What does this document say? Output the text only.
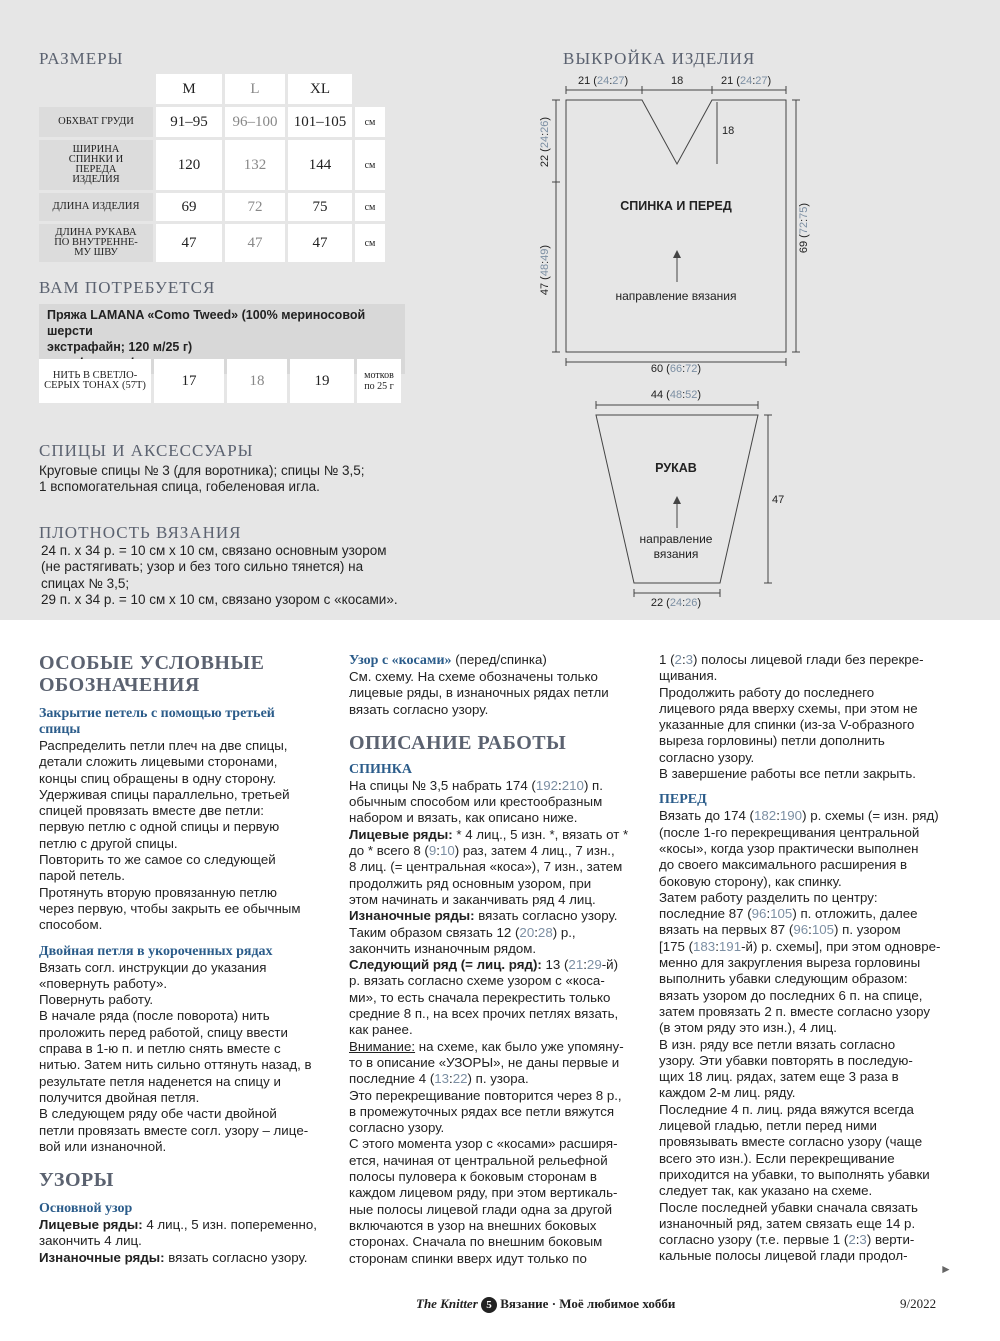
РАЗМЕРЫ
	M	L	XL	
ОБХВАТ ГРУДИ	91–95	96–100	101–105	см

ШИРИНА
СПИНКИ И
ПЕРЕДА
ИЗДЕЛИЯ	120	132	144	см
ДЛИНА ИЗДЕЛИЯ	69	72	75	см

ДЛИНА РУКАВА
ПО ВНУТРЕННЕ-
МУ ШВУ	47	47	47	см
ВАМ ПОТРЕБУЕТСЯ
Пряжа LAMANA «Como Tweed» (100% мериносовой шерсти
экстрафайн; 120 м/25 г)
НИТЬ В СВЕТЛО-
СЕРЫХ ТОНАХ (57T)	17	18	19	мотков
по 25 г
СПИЦЫ И АКСЕССУАРЫ
Круговые спицы № 3 (для воротника); спицы № 3,5;
1 вспомогательная спица, гобеленовая игла.
ПЛОТНОСТЬ ВЯЗАНИЯ
24 п. х 34 р. = 10 см х 10 см, связано основным узором
(не растягивать; узор и без того сильно тянется) на
спицах № 3,5;
29 п. х 34 р. = 10 см х 10 см, связано узором с «косами».
ВЫКРОЙКА ИЗДЕЛИЯ
21 (24:27)	18	21 (24:27)
18
22 (24:26)
47 (48:49)	69 (72:75)
СПИНКА И ПЕРЕД
направление вязания
60 (66:72)
44 (48:52)
РУКАВ
47
направление
вязания
22 (24:26)
ОСОБЫЕ УСЛОВНЫЕ
ОБОЗНАЧЕНИЯ
Закрытие петель с помощью третьей
спицы
Распределить петли плеч на две спицы,
детали сложить лицевыми сторонами,
концы спиц обращены в одну сторону.
Удерживая спицы параллельно, третьей
спицей провязать вместе две петли:
первую петлю с одной спицы и первую
петлю с другой спицы.
Повторить то же самое со следующей
парой петель.
Протянуть вторую провязанную петлю
через первую, чтобы закрыть ее обычным
способом.
Двойная петля в укороченных рядах
Вязать согл. инструкции до указания
«повернуть работу».
Повернуть работу.
В начале ряда (после поворота) нить
проложить перед работой, спицу ввести
справа в 1-ю п. и петлю снять вместе с
нитью. Затем нить сильно оттянуть назад, в
результате петля наденется на спицу и
получится двойная петля.
В следующем ряду обе части двойной
петли провязать вместе согл. узору – лицe-
вой или изнаночной.
УЗОРЫ
Основной узор
Лицевые ряды: 4 лиц., 5 изн. попеременно,
закончить 4 лиц.
Изнаночные ряды: вязать согласно узору.
Узор с «косами» (перед/спинка)
См. схему. На схеме обозначены только
лицевые ряды, в изнаночных рядах петли
вязать согласно узору.
ОПИСАНИЕ РАБОТЫ
СПИНКА
На спицы № 3,5 набрать 174 (192:210) п.
обычным способом или крестообразным
набором и вязать, как описано ниже.
Лицевые ряды: * 4 лиц., 5 изн. *, вязать от *
до * всего 8 (9:10) раз, затем 4 лиц., 7 изн.,
8 лиц. (= центральная «коса»), 7 изн., затем
продолжить ряд основным узором, при
этом начинать и заканчивать ряд 4 лиц.
Изнаночные ряды: вязать согласно узору.
Таким образом связать 12 (20:28) р.,
закончить изнаночным рядом.
Следующий ряд (= лиц. ряд): 13 (21:29-й)
р. вязать согласно схеме узором с «коса-
ми», то есть сначала перекрестить только
средние 8 п., на всех прочих петлях вязать,
как ранее.
Внимание: на схеме, как было уже упомяну-
то в описание «УЗОРЫ», не даны первые и
последние 4 (13:22) п. узора.
Это перекрещивание повторится через 8 р.,
в промежуточных рядах все петли вяжутся
согласно узору.
С этого момента узор с «косами» расширя-
ется, начиная от центральной рельефной
полосы пуловера к боковым сторонам в
каждом лицевом ряду, при этом вертикаль-
ные полосы лицевой глади одна за другой
включаются в узор на внешних боковых
сторонах. Сначала по внешним боковым
сторонам спинки вверх идут только по
1 (2:3) полосы лицевой глади без перекре-
щивания.
Продолжить работу до последнего
лицевого ряда вверху схемы, при этом не
указанные для спинки (из-за V-образного
выреза горловины) петли дополнить
согласно узору.
В завершение работы все петли закрыть.
ПЕРЕД
Вязать до 174 (182:190) р. схемы (= изн. ряд)
(после 1-го перекрещивания центральной
«косы», когда узор практически выполнен
до своего максимального расширения в
боковую сторону), как спинку.
Затем работу разделить по центру:
последние 87 (96:105) п. отложить, далее
вязать на первых 87 (96:105) п. узором
[175 (183:191-й) р. схемы], при этом одновре-
менно для закругления выреза горловины
выполнить убавки следующим образом:
вязать узором до последних 6 п. на спице,
затем провязать 2 п. вместе согласно узору
(в этом ряду это изн.), 4 лиц.
В изн. ряду все петли вязать согласно
узору. Эти убавки повторять в последую-
щих 18 лиц. рядах, затем еще 3 раза в
каждом 2-м лиц. ряду.
Последние 4 п. лиц. ряда вяжутся всегда
лицевой гладью, петли перед ними
провязывать вместе согласно узору (чаще
всего это изн.). Если перекрещивание
приходится на убавки, то выполнять убавки
следует так, как указано на схеме.
После последней убавки сначала связать
изнаночный ряд, затем связать еще 14 р.
согласно узору (т.е. первые 1 (2:3) верти-
кальные полосы лицевой глади продол-
►
The Knitter 5 Вязание · Моё любимое хобби	9/2022
